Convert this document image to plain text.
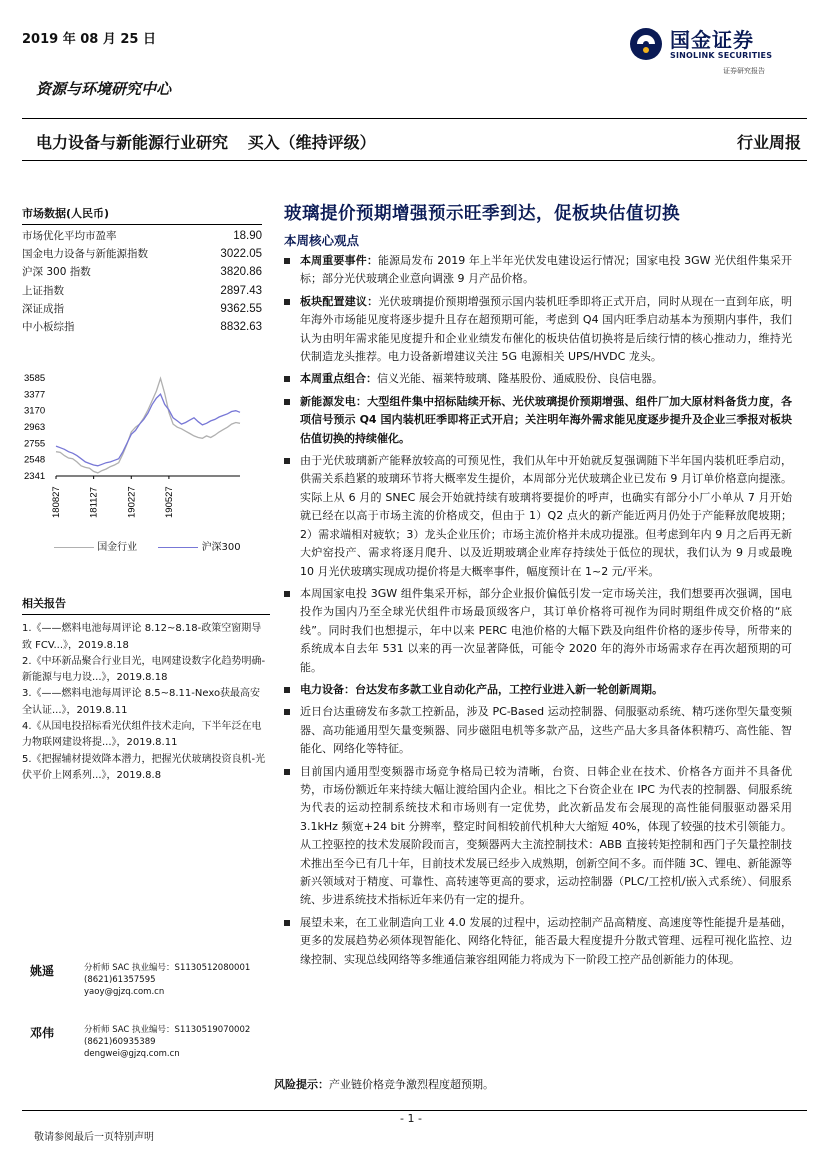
2019 年 08 月 25 日	国金证券
SINOLINK SECURITIES
证券研究报告
资源与环境研究中心
电力设备与新能源行业研究 买入（维持评级）	行业周报
市场数据(人民币)
市场优化平均市盈率	18.90
国金电力设备与新能源指数	3022.05
沪深 300 指数	3820.86
上证指数	2897.43
深证成指	9362.55
中小板综指	8832.63
3585
3377
3170
2963
2755
2548
2341
180827	181127	190227	190527
国金行业	沪深300
相关报告
1.《——燃料电池每周评论 8.12~8.18-政策空窗期导致 FCV...》，2019.8.18
2.《中环新品聚合行业目光，电网建设数字化趋势明确-新能源与电力设...》，2019.8.18
3.《——燃料电池每周评论 8.5~8.11-Nexo获最高安全认证...》，2019.8.11
4.《从国电投招标看光伏组件技术走向，下半年泛在电力物联网建设将提...》，2019.8.11
5.《把握辅材提效降本潜力，把握光伏玻璃投资良机-光伏平价上网系列...》，2019.8.8
姚遥	分析师 SAC 执业编号：S1130512080001
(8621)61357595
yaoy@gjzq.com.cn
邓伟	分析师 SAC 执业编号：S1130519070002
(8621)60935389
dengwei@gjzq.com.cn
玻璃提价预期增强预示旺季到达，促板块估值切换
本周核心观点
本周重要事件：能源局发布 2019 年上半年光伏发电建设运行情况；国家电投 3GW 光伏组件集采开标；部分光伏玻璃企业意向调涨 9 月产品价格。
板块配置建议：光伏玻璃提价预期增强预示国内装机旺季即将正式开启，同时从现在一直到年底，明年海外市场能见度将逐步提升且存在超预期可能，考虑到 Q4 国内旺季启动基本为预期内事件，我们认为由明年需求能见度提升和企业业绩发布催化的板块估值切换将是后续行情的核心推动力，维持光伏制造龙头推荐。电力设备新增建议关注 5G 电源相关 UPS/HVDC 龙头。
本周重点组合：信义光能、福莱特玻璃、隆基股份、通威股份、良信电器。
新能源发电：大型组件集中招标陆续开标、光伏玻璃提价预期增强、组件厂加大原材料备货力度，各项信号预示 Q4 国内装机旺季即将正式开启；关注明年海外需求能见度逐步提升及企业三季报对板块估值切换的持续催化。
由于光伏玻璃新产能释放较高的可预见性，我们从年中开始就反复强调随下半年国内装机旺季启动，供需关系趋紧的玻璃环节将大概率发生提价，本周部分光伏玻璃企业已发布 9 月订单价格意向提涨。实际上从 6 月的 SNEC 展会开始就持续有玻璃将要提价的呼声，也确实有部分小厂小单从 7 月开始就已经在以高于市场主流的价格成交，但由于 1）Q2 点火的新产能近两月仍处于产能释放爬坡期；2）需求端相对疲软；3）龙头企业压价；市场主流价格并未成功提涨。但考虑到年内 9 月之后再无新大炉窑投产、需求将逐月爬升、以及近期玻璃企业库存持续处于低位的现状，我们认为 9 月或最晚 10 月光伏玻璃实现成功提价将是大概率事件，幅度预计在 1~2 元/平米。
本周国家电投 3GW 组件集采开标，部分企业报价偏低引发一定市场关注，我们想要再次强调，国电投作为国内乃至全球光伏组件市场最顶级客户，其订单价格将可视作为同时期组件成交价格的“底线”。同时我们也想提示，年中以来 PERC 电池价格的大幅下跌及向组件价格的逐步传导，所带来的系统成本自去年 531 以来的再一次显著降低，可能令 2020 年的海外市场需求存在再次超预期的可能。
电力设备：台达发布多款工业自动化产品，工控行业进入新一轮创新周期。
近日台达重磅发布多款工控新品，涉及 PC-Based 运动控制器、伺服驱动系统、精巧迷你型矢量变频器、高功能通用型矢量变频器、同步磁阻电机等多款产品，这些产品大多具备体积精巧、高性能、智能化、网络化等特征。
目前国内通用型变频器市场竞争格局已较为清晰，台资、日韩企业在技术、价格各方面并不具备优势，市场份额近年来持续大幅让渡给国内企业。相比之下台资企业在 IPC 为代表的控制器、伺服系统为代表的运动控制系统技术和市场则有一定优势，此次新品发布会展现的高性能伺服驱动器采用 3.1kHz 频宽+24 bit 分辨率，整定时间相较前代机种大大缩短 40%，体现了较强的技术引领能力。从工控驱控的技术发展阶段而言，变频器两大主流控制技术：ABB 直接转矩控制和西门子矢量控制技术推出至今已有几十年，目前技术发展已经步入成熟期，创新空间不多。而伴随 3C、锂电、新能源等新兴领域对于精度、可靠性、高转速等更高的要求，运动控制器（PLC/工控机/嵌入式系统）、伺服系统、步进系统技术指标近年来仍有一定的提升。
展望未来，在工业制造向工业 4.0 发展的过程中，运动控制产品高精度、高速度等性能提升是基础，更多的发展趋势必须体现智能化、网络化特征，能否最大程度提升分散式管理、远程可视化监控、边缘控制、实现总线网络等多维通信兼容组网能力将成为下一阶段工控产品创新能力的体现。
风险提示：产业链价格竞争激烈程度超预期。
- 1 -
敬请参阅最后一页特别声明
